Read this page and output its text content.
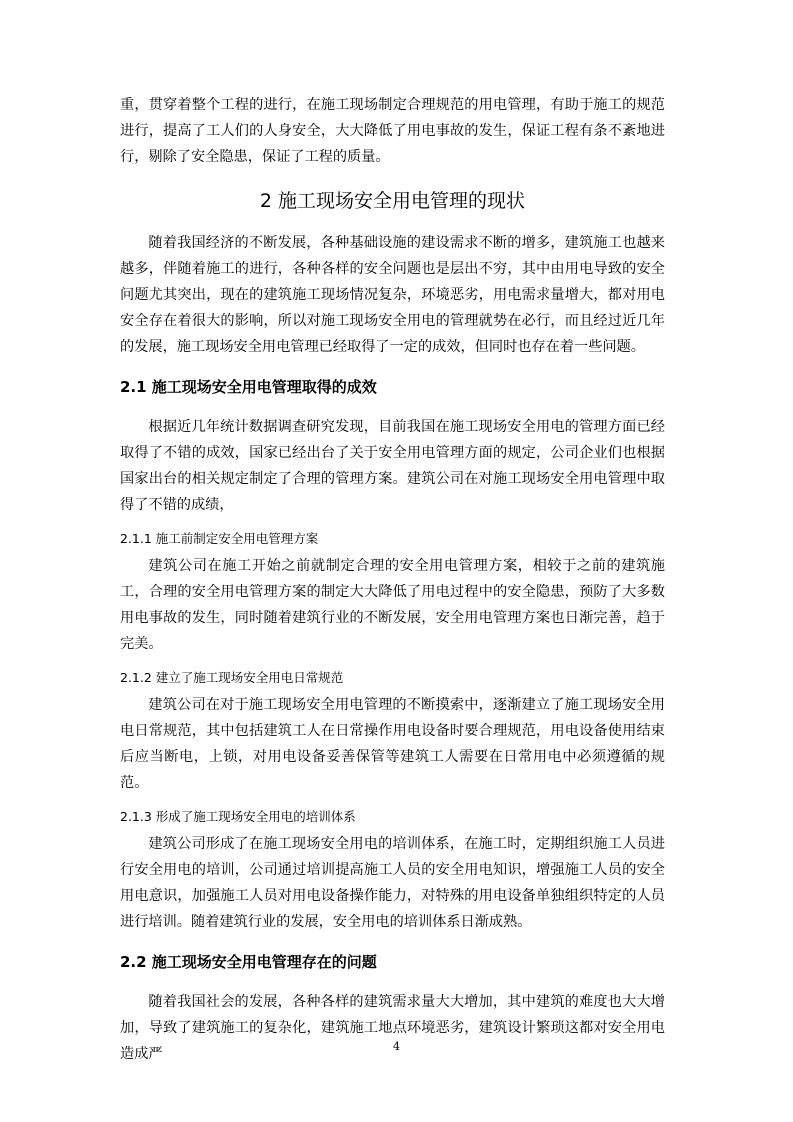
重，贯穿着整个工程的进行，在施工现场制定合理规范的用电管理，有助于施工的规范进行，提高了工人们的人身安全，大大降低了用电事故的发生，保证工程有条不紊地进行，剔除了安全隐患，保证了工程的质量。

2 施工现场安全用电管理的现状

随着我国经济的不断发展，各种基础设施的建设需求不断的增多，建筑施工也越来越多，伴随着施工的进行，各种各样的安全问题也是层出不穷，其中由用电导致的安全问题尤其突出，现在的建筑施工现场情况复杂，环境恶劣，用电需求量增大，都对用电安全存在着很大的影响，所以对施工现场安全用电的管理就势在必行，而且经过近几年的发展，施工现场安全用电管理已经取得了一定的成效，但同时也存在着一些问题。

2.1 施工现场安全用电管理取得的成效

根据近几年统计数据调查研究发现，目前我国在施工现场安全用电的管理方面已经取得了不错的成效，国家已经出台了关于安全用电管理方面的规定，公司企业们也根据国家出台的相关规定制定了合理的管理方案。建筑公司在对施工现场安全用电管理中取得了不错的成绩，

2.1.1 施工前制定安全用电管理方案

建筑公司在施工开始之前就制定合理的安全用电管理方案，相较于之前的建筑施工，合理的安全用电管理方案的制定大大降低了用电过程中的安全隐患，预防了大多数用电事故的发生，同时随着建筑行业的不断发展，安全用电管理方案也日渐完善，趋于完美。

2.1.2 建立了施工现场安全用电日常规范

建筑公司在对于施工现场安全用电管理的不断摸索中，逐渐建立了施工现场安全用电日常规范，其中包括建筑工人在日常操作用电设备时要合理规范，用电设备使用结束后应当断电，上锁，对用电设备妥善保管等建筑工人需要在日常用电中必须遵循的规范。

2.1.3 形成了施工现场安全用电的培训体系

建筑公司形成了在施工现场安全用电的培训体系，在施工时，定期组织施工人员进行安全用电的培训，公司通过培训提高施工人员的安全用电知识，增强施工人员的安全用电意识，加强施工人员对用电设备操作能力，对特殊的用电设备单独组织特定的人员进行培训。随着建筑行业的发展，安全用电的培训体系日渐成熟。

2.2 施工现场安全用电管理存在的问题

随着我国社会的发展，各种各样的建筑需求量大大增加，其中建筑的难度也大大增加，导致了建筑施工的复杂化，建筑施工地点环境恶劣，建筑设计繁琐这都对安全用电造成严	4
